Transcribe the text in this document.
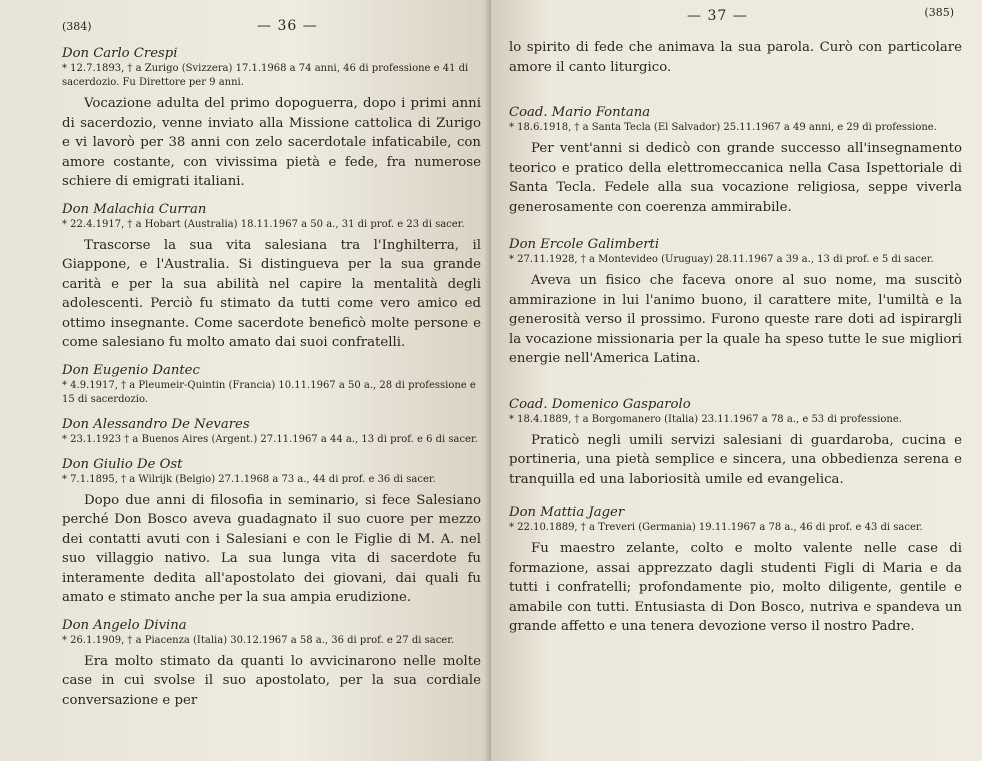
(384)	— 36 —
Don Carlo Crespi
* 12.7.1893, † a Zurigo (Svizzera) 17.1.1968 a 74 anni, 46 di professione e 41 di sacerdozio. Fu Direttore per 9 anni.
Vocazione adulta del primo dopoguerra, dopo i primi anni di sacerdozio, venne inviato alla Missione cattolica di Zurigo e vi lavorò per 38 anni con zelo sacerdotale infaticabile, con amore costante, con vivissima pietà e fede, fra numerose schiere di emigrati italiani.
Don Malachia Curran
* 22.4.1917, † a Hobart (Australia) 18.11.1967 a 50 a., 31 di prof. e 23 di sacer.
Trascorse la sua vita salesiana tra l'Inghilterra, il Giappone, e l'Australia. Si distingueva per la sua grande carità e per la sua abilità nel capire la mentalità degli adolescenti. Perciò fu stimato da tutti come vero amico ed ottimo insegnante. Come sacerdote beneficò molte persone e come salesiano fu molto amato dai suoi confratelli.
Don Eugenio Dantec
* 4.9.1917, † a Pleumeir-Quintin (Francia) 10.11.1967 a 50 a., 28 di professione e 15 di sacerdozio.
Don Alessandro De Nevares
* 23.1.1923 † a Buenos Aires (Argent.) 27.11.1967 a 44 a., 13 di prof. e 6 di sacer.
Don Giulio De Ost
* 7.1.1895, † a Wilrijk (Belgio) 27.1.1968 a 73 a., 44 di prof. e 36 di sacer.
Dopo due anni di filosofia in seminario, si fece Salesiano perché Don Bosco aveva guadagnato il suo cuore per mezzo dei contatti avuti con i Salesiani e con le Figlie di M. A. nel suo villaggio nativo. La sua lunga vita di sacerdote fu interamente dedita all'apostolato dei giovani, dai quali fu amato e stimato anche per la sua ampia erudizione.
Don Angelo Divina
* 26.1.1909, † a Piacenza (Italia) 30.12.1967 a 58 a., 36 di prof. e 27 di sacer.
Era molto stimato da quanti lo avvicinarono nelle molte case in cui svolse il suo apostolato, per la sua cordiale conversazione e per
— 37 —	(385)
lo spirito di fede che animava la sua parola. Curò con particolare amore il canto liturgico.
Coad. Mario Fontana
* 18.6.1918, † a Santa Tecla (El Salvador) 25.11.1967 a 49 anni, e 29 di professione.
Per vent'anni si dedicò con grande successo all'insegnamento teorico e pratico della elettromeccanica nella Casa Ispettoriale di Santa Tecla. Fedele alla sua vocazione religiosa, seppe viverla generosamente con coerenza ammirabile.
Don Ercole Galimberti
* 27.11.1928, † a Montevideo (Uruguay) 28.11.1967 a 39 a., 13 di prof. e 5 di sacer.
Aveva un fisico che faceva onore al suo nome, ma suscitò ammirazione in lui l'animo buono, il carattere mite, l'umiltà e la generosità verso il prossimo. Furono queste rare doti ad ispirargli la vocazione missionaria per la quale ha speso tutte le sue migliori energie nell'America Latina.
Coad. Domenico Gasparolo
* 18.4.1889, † a Borgomanero (Italia) 23.11.1967 a 78 a., e 53 di professione.
Praticò negli umili servizi salesiani di guardaroba, cucina e portineria, una pietà semplice e sincera, una obbedienza serena e tranquilla ed una laboriosità umile ed evangelica.
Don Mattia Jager
* 22.10.1889, † a Treveri (Germania) 19.11.1967 a 78 a., 46 di prof. e 43 di sacer.
Fu maestro zelante, colto e molto valente nelle case di formazione, assai apprezzato dagli studenti Figli di Maria e da tutti i confratelli; profondamente pio, molto diligente, gentile e amabile con tutti. Entusiasta di Don Bosco, nutriva e spandeva un grande affetto e una tenera devozione verso il nostro Padre.
